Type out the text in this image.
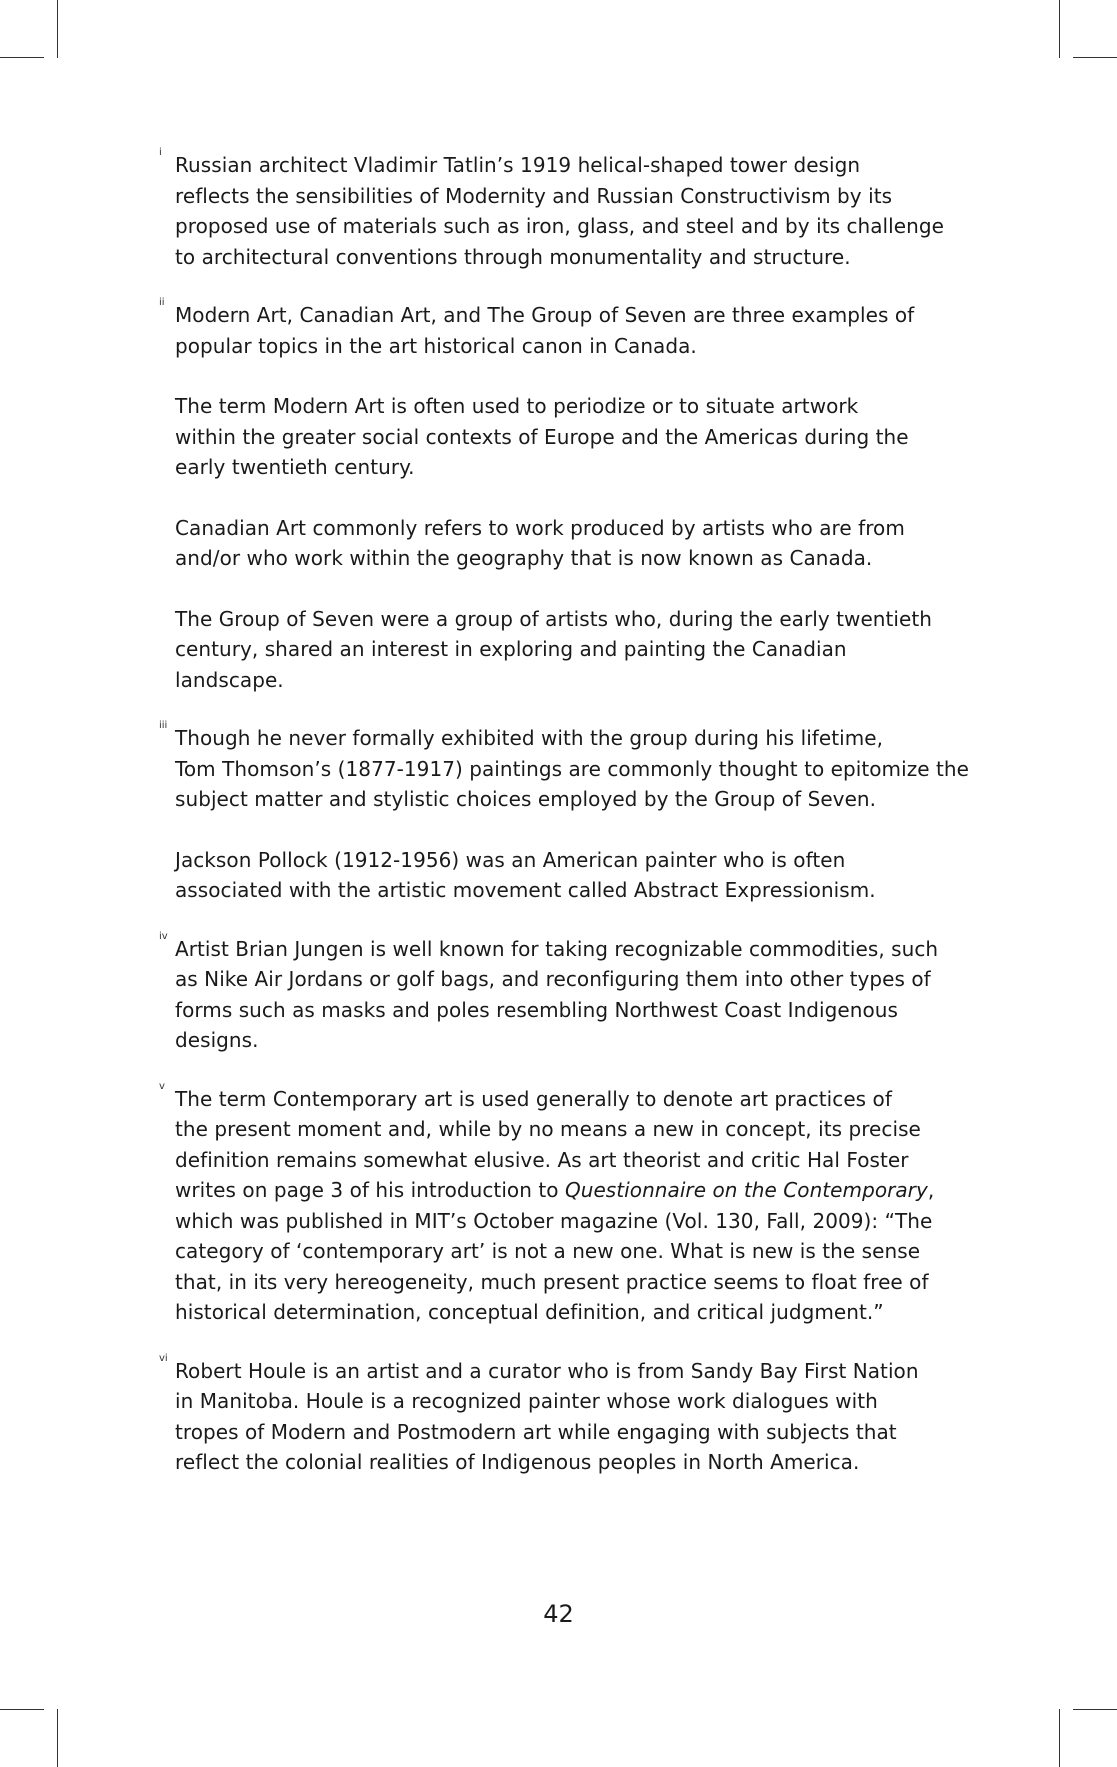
i

Russian architect Vladimir Tatlin’s 1919 helical-shaped tower design
reflects the sensibilities of Modernity and Russian Constructivism by its
proposed use of materials such as iron, glass, and steel and by its challenge
to architectural conventions through monumentality and structure.

ii

Modern Art, Canadian Art, and The Group of Seven are three examples of
popular topics in the art historical canon in Canada.

The term Modern Art is often used to periodize or to situate artwork
within the greater social contexts of Europe and the Americas during the
early twentieth century.

Canadian Art commonly refers to work produced by artists who are from
and/or who work within the geography that is now known as Canada.

The Group of Seven were a group of artists who, during the early twentieth
century, shared an interest in exploring and painting the Canadian
landscape.

iii

Though he never formally exhibited with the group during his lifetime,
Tom Thomson’s (1877-1917) paintings are commonly thought to epitomize the
subject matter and stylistic choices employed by the Group of Seven.

Jackson Pollock (1912-1956) was an American painter who is often
associated with the artistic movement called Abstract Expressionism.

iv

Artist Brian Jungen is well known for taking recognizable commodities, such
as Nike Air Jordans or golf bags, and reconfiguring them into other types of
forms such as masks and poles resembling Northwest Coast Indigenous
designs.

v

The term Contemporary art is used generally to denote art practices of
the present moment and, while by no means a new in concept, its precise
definition remains somewhat elusive. As art theorist and critic Hal Foster
writes on page 3 of his introduction to Questionnaire on the Contemporary,
which was published in MIT’s October magazine (Vol. 130, Fall, 2009): “The
category of ‘contemporary art’ is not a new one. What is new is the sense
that, in its very hereogeneity, much present practice seems to float free of
historical determination, conceptual definition, and critical judgment.”

vi

Robert Houle is an artist and a curator who is from Sandy Bay First Nation
in Manitoba. Houle is a recognized painter whose work dialogues with
tropes of Modern and Postmodern art while engaging with subjects that
reflect the colonial realities of Indigenous peoples in North America.

42
